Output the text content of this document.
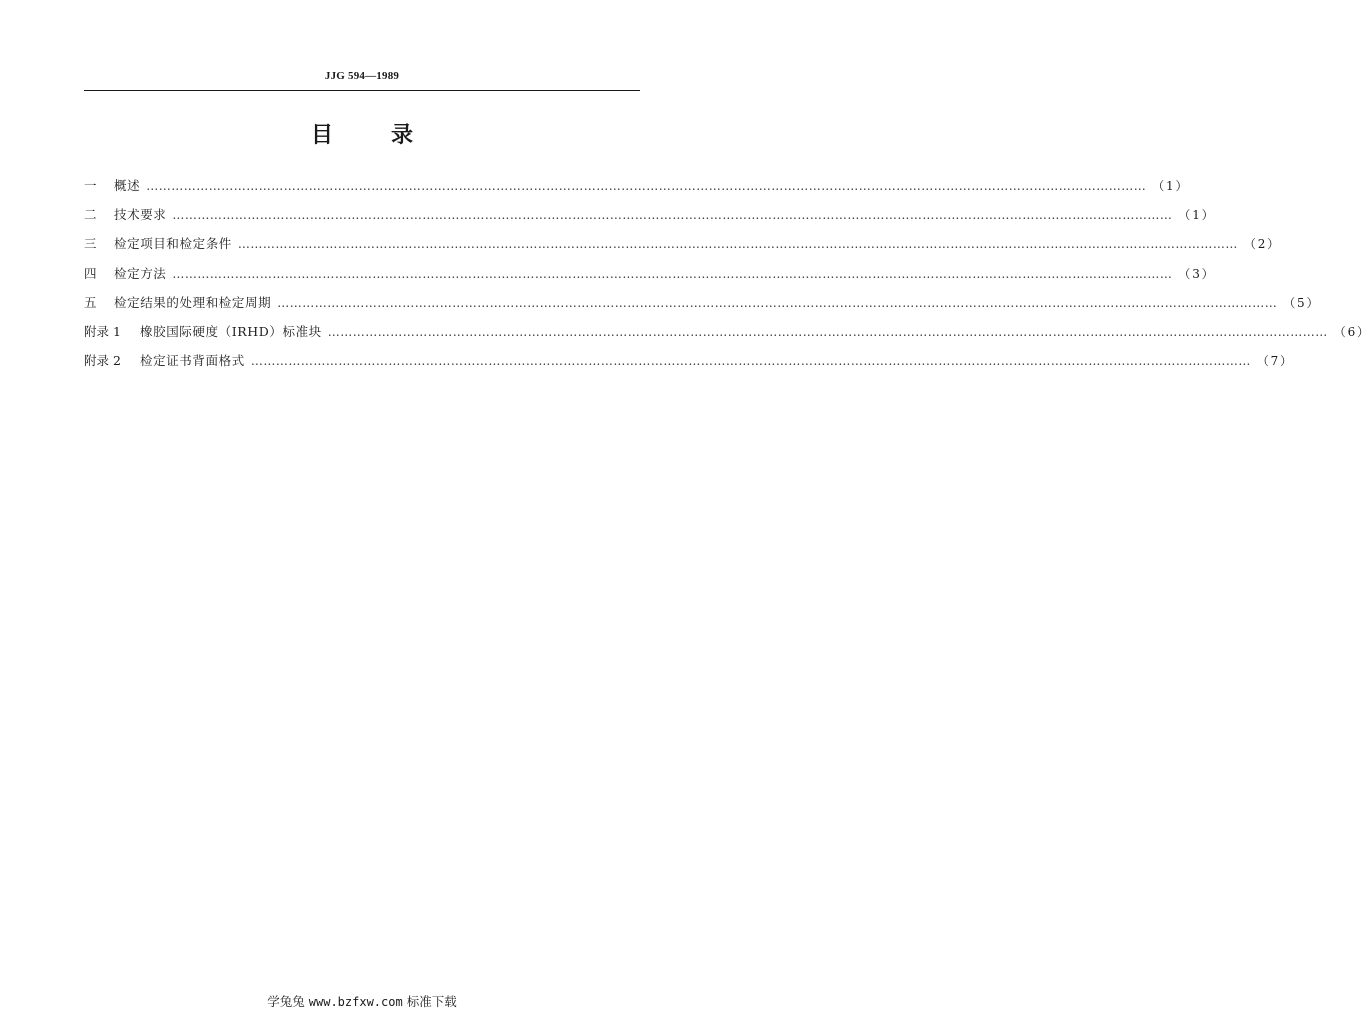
JJG 594—1989
目	录
一	概述 …………………………………………………………………………………………………………………………………………………………………………………………………………………… （1）
二	技术要求 …………………………………………………………………………………………………………………………………………………………………………………………………………………… （1）
三	检定项目和检定条件 …………………………………………………………………………………………………………………………………………………………………………………………………………………… （2）
四	检定方法 …………………………………………………………………………………………………………………………………………………………………………………………………………………… （3）
五	检定结果的处理和检定周期 …………………………………………………………………………………………………………………………………………………………………………………………………………………… （5）
附录 1	橡胶国际硬度（IRHD）标准块 …………………………………………………………………………………………………………………………………………………………………………………………………………………… （6）
附录 2	检定证书背面格式 …………………………………………………………………………………………………………………………………………………………………………………………………………………… （7）
学兔兔 www.bzfxw.com 标准下载
